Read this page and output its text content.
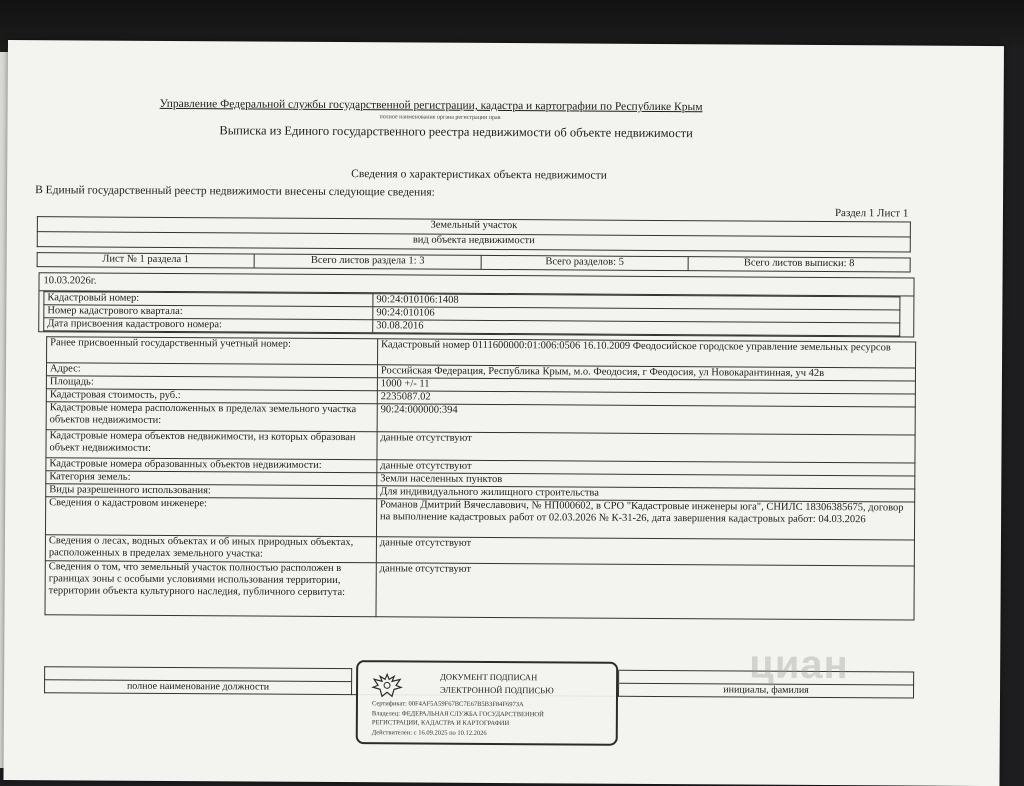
Управление Федеральной службы государственной регистрации, кадастра и картографии по Республике Крым
полное наименование органа регистрации прав
Выписка из Единого государственного реестра недвижимости об объекте недвижимости
Сведения о характеристиках объекта недвижимости
В Единый государственный реестр недвижимости внесены следующие сведения:
Раздел 1 Лист 1
Земельный участок
вид объекта недвижимости
Лист № 1 раздела 1	Всего листов раздела 1: 3	Всего разделов: 5	Всего листов выписки: 8
10.03.2026г.
Кадастровый номер:	90:24:010106:1408
Номер кадастрового квартала:	90:24:010106
Дата присвоения кадастрового номера:	30.08.2016
Ранее присвоенный государственный учетный номер:	Кадастровый номер 0111600000:01:006:0506 16.10.2009 Феодосийское городское управление земельных ресурсов
Адрес:	Российская Федерация, Республика Крым, м.о. Феодосия, г Феодосия, ул Новокарантинная, уч 42в
Площадь:	1000 +/- 11
Кадастровая стоимость, руб.:	2235087.02
Кадастровые номера расположенных в пределах земельного участка объектов недвижимости:	90:24:000000:394
Кадастровые номера объектов недвижимости, из которых образован объект недвижимости:	данные отсутствуют
Кадастровые номера образованных объектов недвижимости:	данные отсутствуют
Категория земель:	Земли населенных пунктов
Виды разрешенного использования:	Для индивидуального жилищного строительства
Сведения о кадастровом инженере:	Романов Дмитрий Вячеславович, № НП000602, в СРО "Кадастровые инженеры юга", СНИЛС 18306385675, договор на выполнение кадастровых работ от 02.03.2026 № К-31-26, дата завершения кадастровых работ: 04.03.2026
Сведения о лесах, водных объектах и об иных природных объектах, расположенных в пределах земельного участка:	данные отсутствуют
Сведения о том, что земельный участок полностью расположен в границах зоны с особыми условиями использования территории, территории объекта культурного наследия, публичного сервитута:	данные отсутствуют

полное наименование должности		инициалы, фамилия
ДОКУМЕНТ ПОДПИСАН
ЭЛЕКТРОННОЙ ПОДПИСЬЮ
Сертификат: 00F4AF5A59F67BC7E67B5B3F84F6973A
Владелец: ФЕДЕРАЛЬНАЯ СЛУЖБА ГОСУДАРСТВЕННОЙ
РЕГИСТРАЦИИ, КАДАСТРА И КАРТОГРАФИИ
Действителен: с 16.09.2025 по 10.12.2026
циан
